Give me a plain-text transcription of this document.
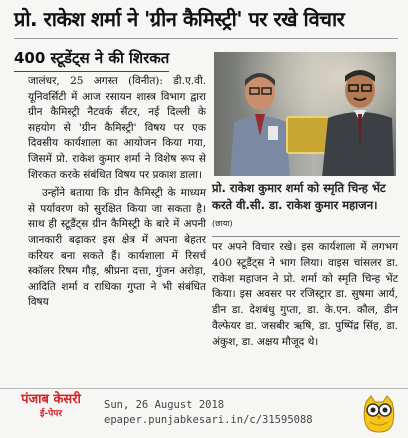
प्रो. राकेश शर्मा ने 'ग्रीन कैमिस्ट्री' पर रखे विचार
400 स्टूडेंट्स ने की शिरकत

जालंधर, 25 अगस्त (विनीत): डी.ए.वी. यूनिवर्सिटी में आज रसायन शास्त्र विभाग द्वारा ग्रीन कैमिस्ट्री नैटवर्क सैंटर, नई दिल्ली के सहयोग से 'ग्रीन कैमिस्ट्री' विषय पर एक दिवसीय कार्यशाला का आयोजन किया गया, जिसमें प्रो. राकेश कुमार शर्मा ने विशेष रूप से शिरकत करके संबंधित विषय पर प्रकाश डाला।

उन्होंने बताया कि ग्रीन कैमिस्ट्री के माध्यम से पर्यावरण को सुरक्षित किया जा सकता है। साथ ही स्टूडैंट्स ग्रीन कैमिस्ट्री के बारे में अपनी जानकारी बढ़ाकर इस क्षेत्र में अपना बेहतर करियर बना सकते हैं। कार्यशाला में रिसर्च स्कॉलर रिषम गौड़, श्रीप्रना दत्ता, गुंजन अरोड़ा, आदिति शर्मा व राधिका गुप्ता ने भी संबंधित विषय

प्रो. राकेश कुमार शर्मा को स्मृति चिन्ह भेंट करते वी.सी. डा. राकेश कुमार महाजन। (छाया)

पर अपने विचार रखे। इस कार्यशाला में लगभग 400 स्टूडैंट्स ने भाग लिया। वाइस चांसलर डा. राकेश महाजन ने प्रो. शर्मा को स्मृति चिन्ह भेंट किया। इस अवसर पर रजिस्ट्रार डा. सुषमा आर्य, डीन डा. देशबंधु गुप्ता, डा. के.एन. कौल, डीन वैल्फेयर डा. जसबीर ऋषि, डा. पुष्पिंद्र सिंह, डा. अंकुश, डा. अक्षय मौजूद थे।

पंजाब केसरी
ई-पेपर
Sun, 26 August 2018
epaper.punjabkesari.in/c/31595088
